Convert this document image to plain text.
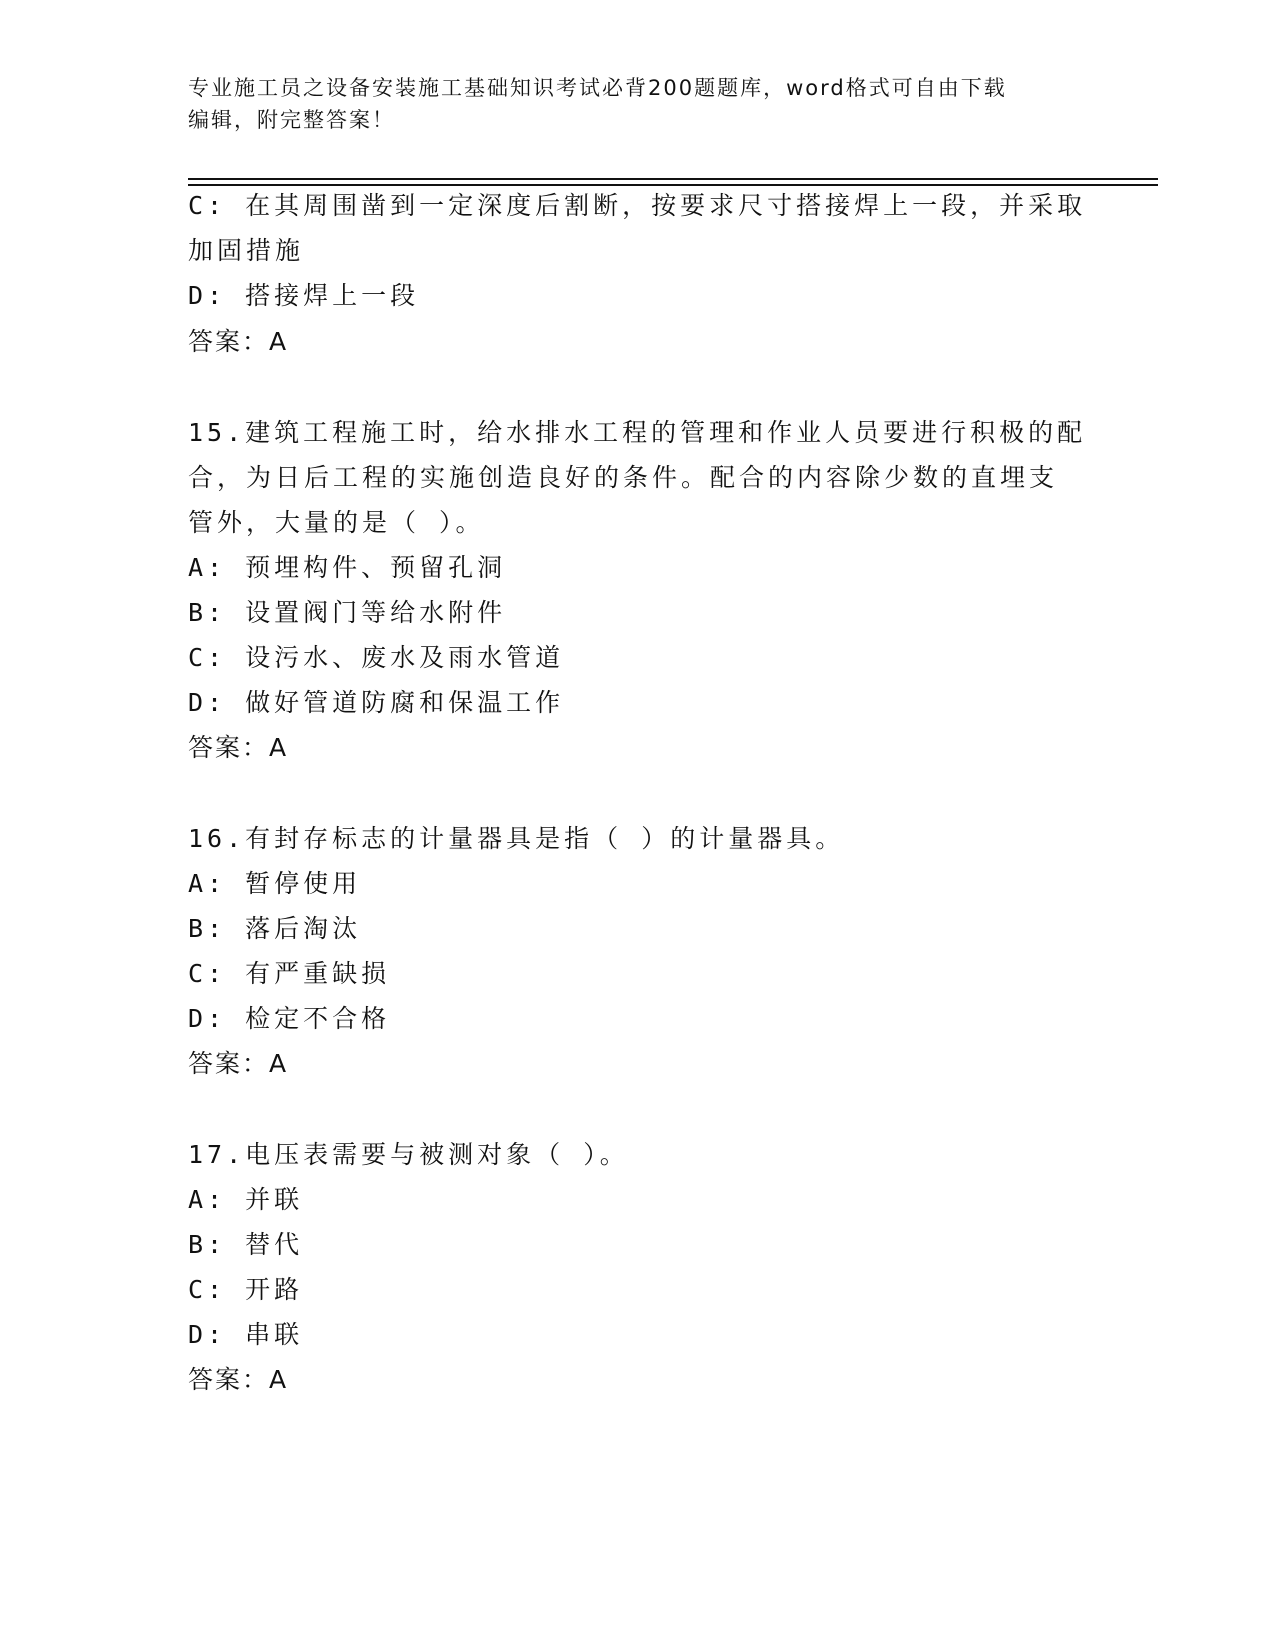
专业施工员之设备安装施工基础知识考试必背200题题库，word格式可自由下载
编辑，附完整答案！
C: 在其周围凿到一定深度后割断，按要求尺寸搭接焊上一段，并采取
加固措施
D: 搭接焊上一段
答案：A
15.建筑工程施工时，给水排水工程的管理和作业人员要进行积极的配
合，为日后工程的实施创造良好的条件。配合的内容除少数的直埋支
管外，大量的是（ ）。
A: 预埋构件、预留孔洞
B: 设置阀门等给水附件
C: 设污水、废水及雨水管道
D: 做好管道防腐和保温工作
答案：A
16.有封存标志的计量器具是指（ ）的计量器具。
A: 暂停使用
B: 落后淘汰
C: 有严重缺损
D: 检定不合格
答案：A
17.电压表需要与被测对象（ ）。
A: 并联
B: 替代
C: 开路
D: 串联
答案：A
